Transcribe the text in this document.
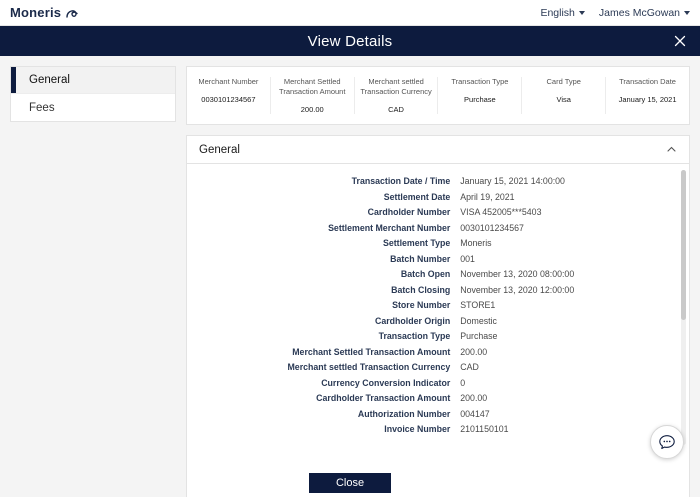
Moneris	English James McGowan
View Details
General
Fees
Merchant Number
0030101234567
Merchant Settled Transaction Amount
200.00
Merchant settled Transaction Currency
CAD
Transaction Type
Purchase
Card Type
Visa
Transaction Date
January 15, 2021
General
Transaction Date / Time	January 15, 2021 14:00:00
Settlement Date	April 19, 2021
Cardholder Number	VISA 452005***5403
Settlement Merchant Number	0030101234567
Settlement Type	Moneris
Batch Number	001
Batch Open	November 13, 2020 08:00:00
Batch Closing	November 13, 2020 12:00:00
Store Number	STORE1
Cardholder Origin	Domestic
Transaction Type	Purchase
Merchant Settled Transaction Amount	200.00
Merchant settled Transaction Currency	CAD
Currency Conversion Indicator	0
Cardholder Transaction Amount	200.00
Authorization Number	004147
Invoice Number	2101150101
Close
